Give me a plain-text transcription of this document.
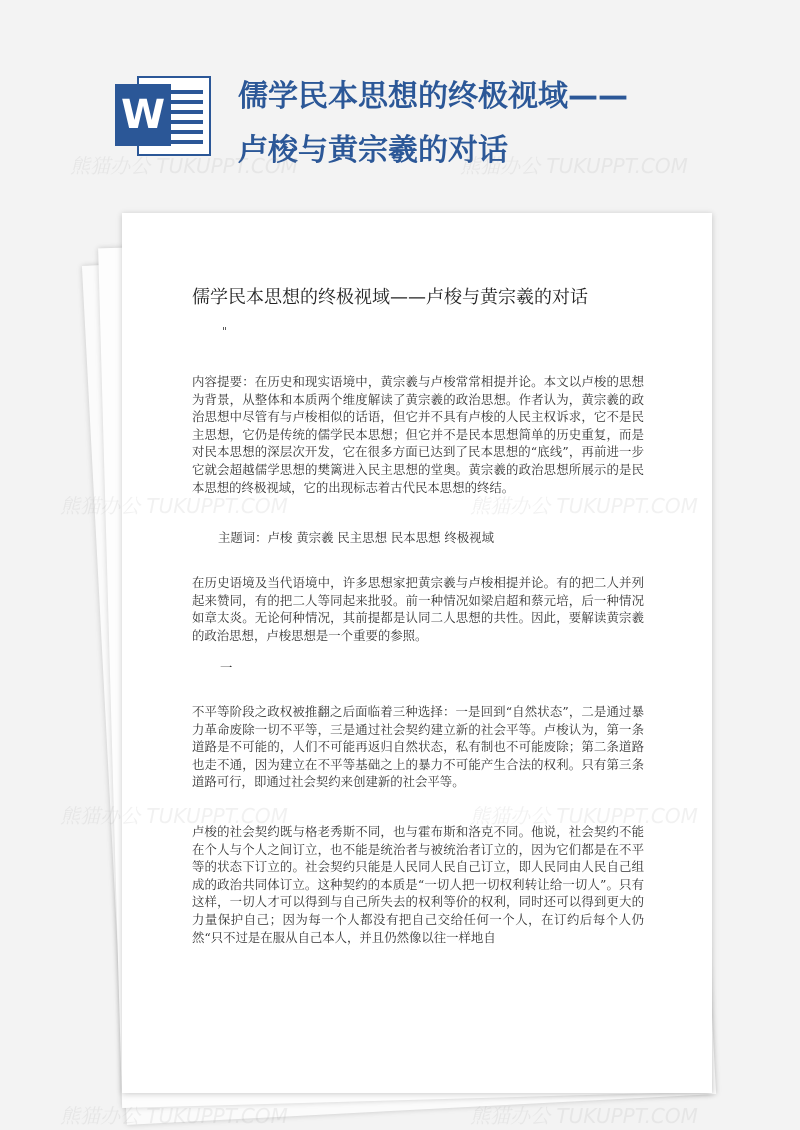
W 儒学民本思想的终极视域——
卢梭与黄宗羲的对话
儒学民本思想的终极视域——卢梭与黄宗羲的对话
"

内容提要：在历史和现实语境中，黄宗羲与卢梭常常相提并论。本文以卢梭的思想为背景，从整体和本质两个维度解读了黄宗羲的政治思想。作者认为，黄宗羲的政治思想中尽管有与卢梭相似的话语，但它并不具有卢梭的人民主权诉求，它不是民主思想，它仍是传统的儒学民本思想；但它并不是民本思想简单的历史重复，而是对民本思想的深层次开发，它在很多方面已达到了民本思想的“底线”，再前进一步它就会超越儒学思想的樊篱进入民主思想的堂奥。黄宗羲的政治思想所展示的是民本思想的终极视域，它的出现标志着古代民本思想的终结。

主题词：卢梭 黄宗羲 民主思想 民本思想 终极视域

在历史语境及当代语境中，许多思想家把黄宗羲与卢梭相提并论。有的把二人并列起来赞同，有的把二人等同起来批驳。前一种情况如梁启超和蔡元培，后一种情况如章太炎。无论何种情况，其前提都是认同二人思想的共性。因此，要解读黄宗羲的政治思想，卢梭思想是一个重要的参照。

一

不平等阶段之政权被推翻之后面临着三种选择：一是回到“自然状态”，二是通过暴力革命废除一切不平等，三是通过社会契约建立新的社会平等。卢梭认为，第一条道路是不可能的，人们不可能再返归自然状态，私有制也不可能废除；第二条道路也走不通，因为建立在不平等基础之上的暴力不可能产生合法的权利。只有第三条道路可行，即通过社会契约来创建新的社会平等。

卢梭的社会契约既与格老秀斯不同，也与霍布斯和洛克不同。他说，社会契约不能在个人与个人之间订立，也不能是统治者与被统治者订立的，因为它们都是在不平等的状态下订立的。社会契约只能是人民同人民自己订立，即人民同由人民自己组成的政治共同体订立。这种契约的本质是“一切人把一切权利转让给一切人”。只有这样，一切人才可以得到与自己所失去的权利等价的权利，同时还可以得到更大的力量保护自己；因为每一个人都没有把自己交给任何一个人，在订约后每个人仍然“只不过是在服从自己本人，并且仍然像以往一样地自

熊猫办公 TUKUPPT.COM	熊猫办公 TUKUPPT.COM
熊猫办公 TUKUPPT.COM	熊猫办公 TUKUPPT.COM
熊猫办公 TUKUPPT.COM	熊猫办公 TUKUPPT.COM
熊猫办公 TUKUPPT.COM	熊猫办公 TUKUPPT.COM
